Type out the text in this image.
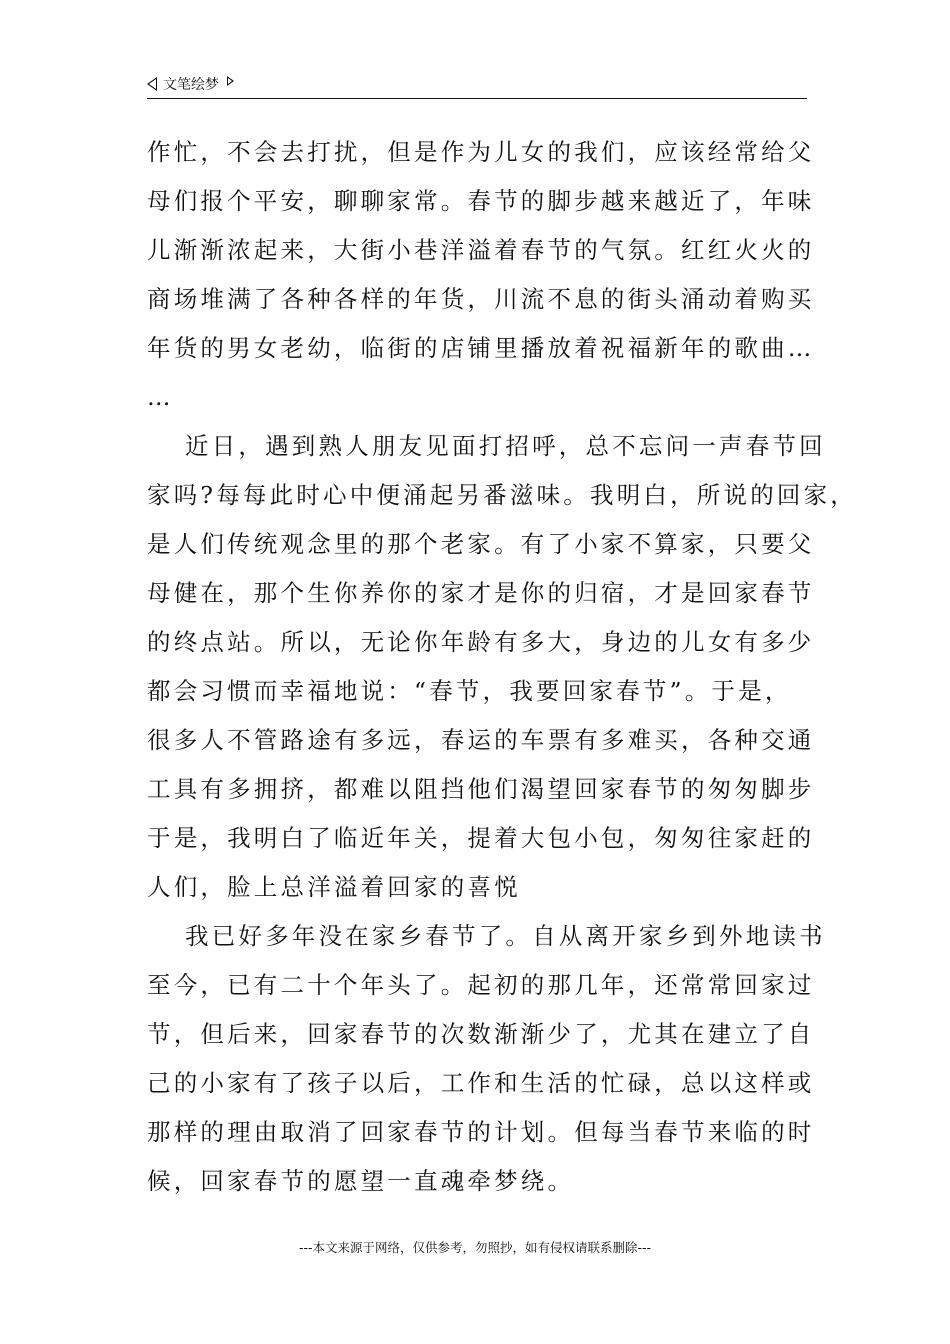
文笔绘梦
作忙，不会去打扰，但是作为儿女的我们，应该经常给父
母们报个平安，聊聊家常。春节的脚步越来越近了，年味
儿渐渐浓起来，大街小巷洋溢着春节的气氛。红红火火的
商场堆满了各种各样的年货，川流不息的街头涌动着购买
年货的男女老幼，临街的店铺里播放着祝福新年的歌曲…
…
近日，遇到熟人朋友见面打招呼，总不忘问一声春节回
家吗?每每此时心中便涌起另番滋味。我明白，所说的回家，
是人们传统观念里的那个老家。有了小家不算家，只要父
母健在，那个生你养你的家才是你的归宿，才是回家春节
的终点站。所以，无论你年龄有多大，身边的儿女有多少
都会习惯而幸福地说：“春节，我要回家春节”。于是，
很多人不管路途有多远，春运的车票有多难买，各种交通
工具有多拥挤，都难以阻挡他们渴望回家春节的匆匆脚步
于是，我明白了临近年关，提着大包小包，匆匆往家赶的
人们，脸上总洋溢着回家的喜悦
我已好多年没在家乡春节了。自从离开家乡到外地读书
至今，已有二十个年头了。起初的那几年，还常常回家过
节，但后来，回家春节的次数渐渐少了，尤其在建立了自
己的小家有了孩子以后，工作和生活的忙碌，总以这样或
那样的理由取消了回家春节的计划。但每当春节来临的时
候，回家春节的愿望一直魂牵梦绕。
---本文来源于网络，仅供参考，勿照抄，如有侵权请联系删除---
